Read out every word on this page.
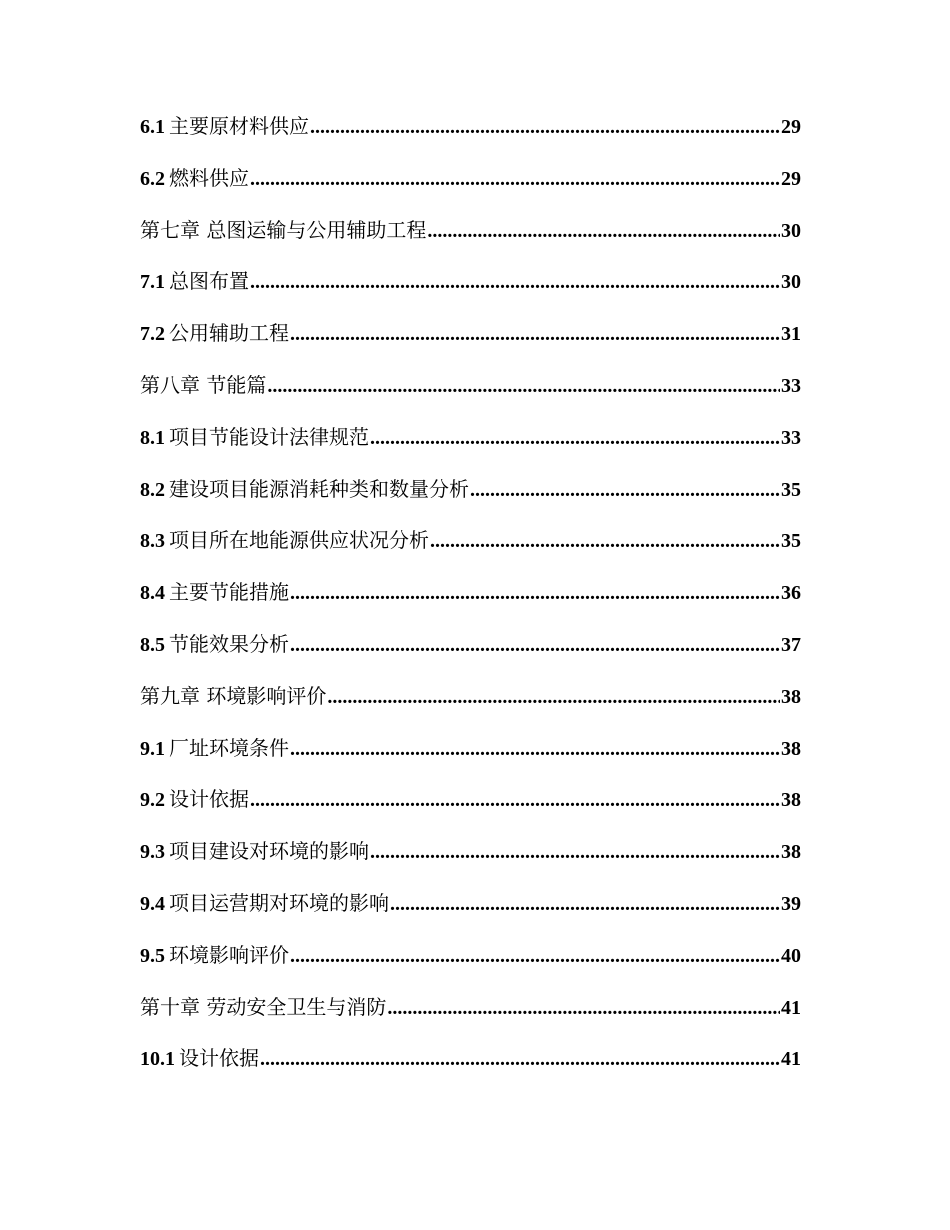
6.1 主要原材料供应 .....	29
6.2 燃料供应 .....	29
第七章 总图运输与公用辅助工程 .....	30
7.1 总图布置 .....	30
7.2 公用辅助工程 .....	31
第八章 节能篇 .....	33
8.1 项目节能设计法律规范 .....	33
8.2 建设项目能源消耗种类和数量分析 .....	35
8.3 项目所在地能源供应状况分析 .....	35
8.4 主要节能措施 .....	36
8.5 节能效果分析 .....	37
第九章 环境影响评价 .....	38
9.1 厂址环境条件 .....	38
9.2 设计依据 .....	38
9.3 项目建设对环境的影响 .....	38
9.4 项目运营期对环境的影响 .....	39
9.5 环境影响评价 .....	40
第十章 劳动安全卫生与消防 .....	41
10.1 设计依据 .....	41
